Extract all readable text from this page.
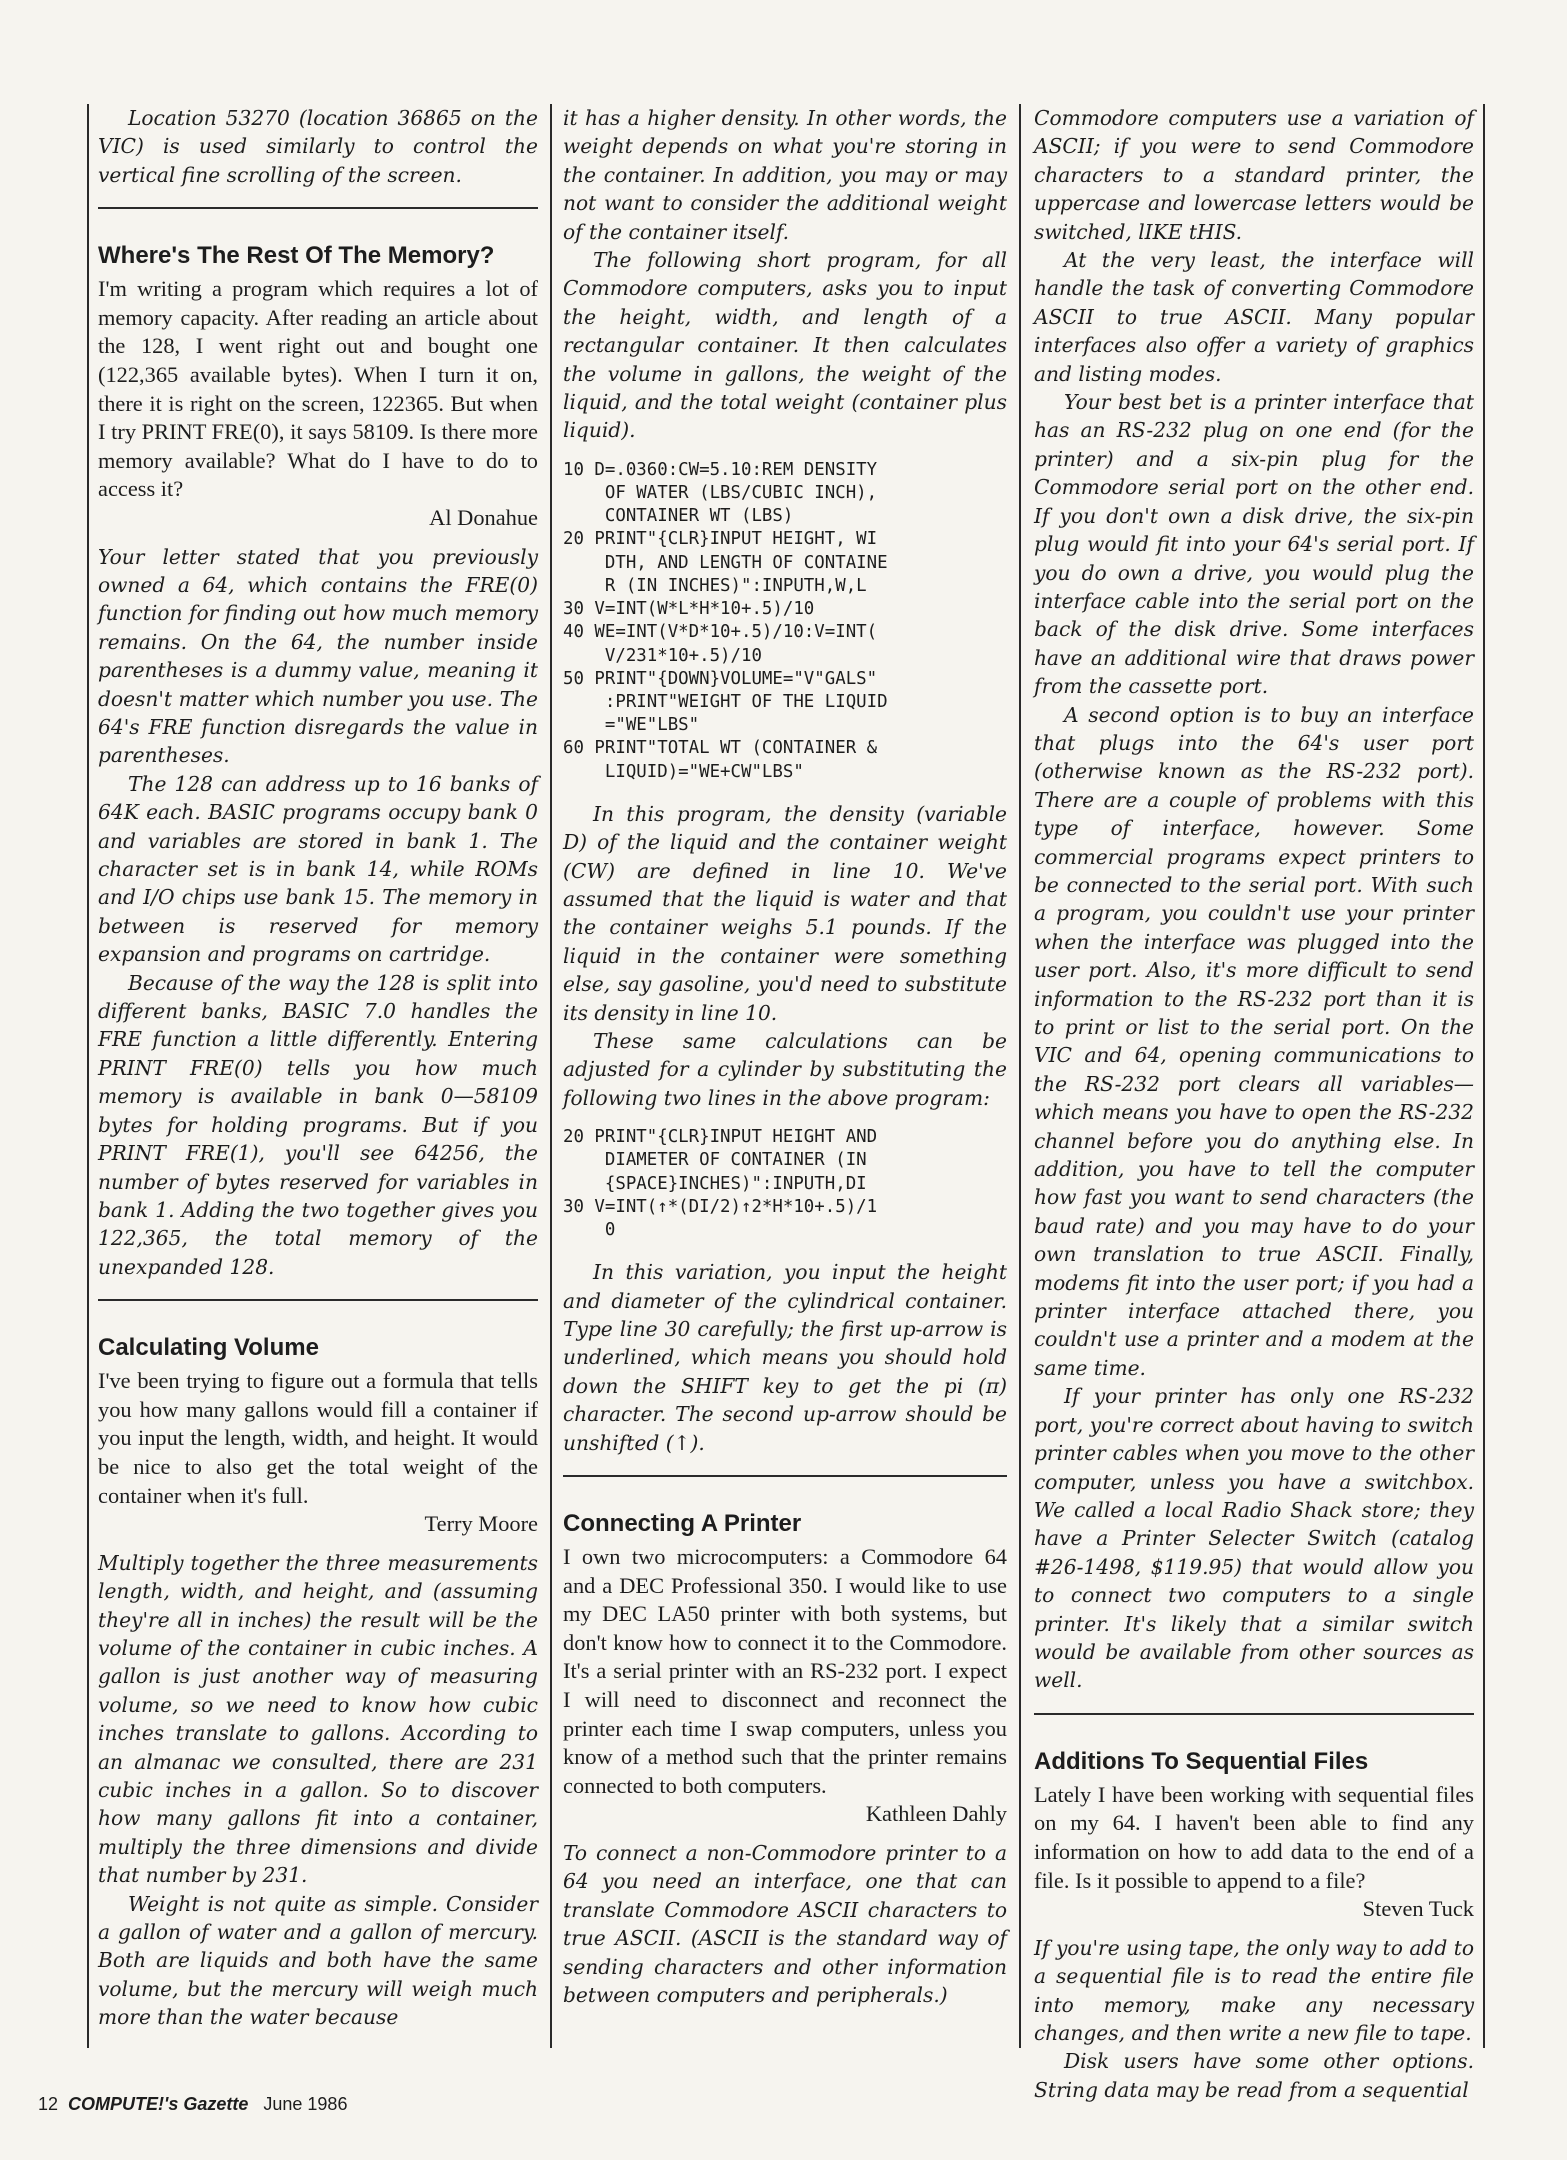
Location 53270 (location 36865 on the VIC) is used similarly to control the vertical fine scrolling of the screen.

Where's The Rest Of The Memory?

I'm writing a program which requires a lot of memory capacity. After reading an article about the 128, I went right out and bought one (122,365 available bytes). When I turn it on, there it is right on the screen, 122365. But when I try PRINT FRE(0), it says 58109. Is there more memory available? What do I have to do to access it?

Al Donahue

Your letter stated that you previously owned a 64, which contains the FRE(0) function for finding out how much memory remains. On the 64, the number inside parentheses is a dummy value, meaning it doesn't matter which number you use. The 64's FRE function disregards the value in parentheses.

The 128 can address up to 16 banks of 64K each. BASIC programs occupy bank 0 and variables are stored in bank 1. The character set is in bank 14, while ROMs and I/O chips use bank 15. The memory in between is reserved for memory expansion and programs on cartridge.

Because of the way the 128 is split into different banks, BASIC 7.0 handles the FRE function a little differently. Entering PRINT FRE(0) tells you how much memory is available in bank 0—58109 bytes for holding programs. But if you PRINT FRE(1), you'll see 64256, the number of bytes reserved for variables in bank 1. Adding the two together gives you 122,365, the total memory of the unexpanded 128.

Calculating Volume

I've been trying to figure out a formula that tells you how many gallons would fill a container if you input the length, width, and height. It would be nice to also get the total weight of the container when it's full.

Terry Moore

Multiply together the three measurements length, width, and height, and (assuming they're all in inches) the result will be the volume of the container in cubic inches. A gallon is just another way of measuring volume, so we need to know how cubic inches translate to gallons. According to an almanac we consulted, there are 231 cubic inches in a gallon. So to discover how many gallons fit into a container, multiply the three dimensions and divide that number by 231.

Weight is not quite as simple. Consider a gallon of water and a gallon of mercury. Both are liquids and both have the same volume, but the mercury will weigh much more than the water because

it has a higher density. In other words, the weight depends on what you're storing in the container. In addition, you may or may not want to consider the additional weight of the container itself.

The following short program, for all Commodore computers, asks you to input the height, width, and length of a rectangular container. It then calculates the volume in gallons, the weight of the liquid, and the total weight (container plus liquid).

10 D=.0360:CW=5.10:REM DENSITY
OF WATER (LBS/CUBIC INCH),
CONTAINER WT (LBS)
20 PRINT"{CLR}INPUT HEIGHT, WI
DTH, AND LENGTH OF CONTAINE
R (IN INCHES)":INPUTH,W,L
30 V=INT(W*L*H*10+.5)/10
40 WE=INT(V*D*10+.5)/10:V=INT(
V/231*10+.5)/10
50 PRINT"{DOWN}VOLUME="V"GALS"
:PRINT"WEIGHT OF THE LIQUID
="WE"LBS"
60 PRINT"TOTAL WT (CONTAINER &
LIQUID)="WE+CW"LBS"

In this program, the density (variable D) of the liquid and the container weight (CW) are defined in line 10. We've assumed that the liquid is water and that the container weighs 5.1 pounds. If the liquid in the container were something else, say gasoline, you'd need to substitute its density in line 10.

These same calculations can be adjusted for a cylinder by substituting the following two lines in the above program:

20 PRINT"{CLR}INPUT HEIGHT AND
DIAMETER OF CONTAINER (IN
{SPACE}INCHES)":INPUTH,DI
30 V=INT(↑*(DI/2)↑2*H*10+.5)/1
0

In this variation, you input the height and diameter of the cylindrical container. Type line 30 carefully; the first up-arrow is underlined, which means you should hold down the SHIFT key to get the pi (π) character. The second up-arrow should be unshifted (↑).

Connecting A Printer

I own two microcomputers: a Commodore 64 and a DEC Professional 350. I would like to use my DEC LA50 printer with both systems, but don't know how to connect it to the Commodore. It's a serial printer with an RS-232 port. I expect I will need to disconnect and reconnect the printer each time I swap computers, unless you know of a method such that the printer remains connected to both computers.

Kathleen Dahly

To connect a non-Commodore printer to a 64 you need an interface, one that can translate Commodore ASCII characters to true ASCII. (ASCII is the standard way of sending characters and other information between computers and peripherals.)

Commodore computers use a variation of ASCII; if you were to send Commodore characters to a standard printer, the uppercase and lowercase letters would be switched, lIKE tHIS.

At the very least, the interface will handle the task of converting Commodore ASCII to true ASCII. Many popular interfaces also offer a variety of graphics and listing modes.

Your best bet is a printer interface that has an RS-232 plug on one end (for the printer) and a six-pin plug for the Commodore serial port on the other end. If you don't own a disk drive, the six-pin plug would fit into your 64's serial port. If you do own a drive, you would plug the interface cable into the serial port on the back of the disk drive. Some interfaces have an additional wire that draws power from the cassette port.

A second option is to buy an interface that plugs into the 64's user port (otherwise known as the RS-232 port). There are a couple of problems with this type of interface, however. Some commercial programs expect printers to be connected to the serial port. With such a program, you couldn't use your printer when the interface was plugged into the user port. Also, it's more difficult to send information to the RS-232 port than it is to print or list to the serial port. On the VIC and 64, opening communications to the RS-232 port clears all variables—which means you have to open the RS-232 channel before you do anything else. In addition, you have to tell the computer how fast you want to send characters (the baud rate) and you may have to do your own translation to true ASCII. Finally, modems fit into the user port; if you had a printer interface attached there, you couldn't use a printer and a modem at the same time.

If your printer has only one RS-232 port, you're correct about having to switch printer cables when you move to the other computer, unless you have a switchbox. We called a local Radio Shack store; they have a Printer Selecter Switch (catalog #26-1498, $119.95) that would allow you to connect two computers to a single printer. It's likely that a similar switch would be available from other sources as well.

Additions To Sequential Files

Lately I have been working with sequential files on my 64. I haven't been able to find any information on how to add data to the end of a file. Is it possible to append to a file?

Steven Tuck

If you're using tape, the only way to add to a sequential file is to read the entire file into memory, make any necessary changes, and then write a new file to tape.

Disk users have some other options. String data may be read from a sequential

12 COMPUTE!'s Gazette June 1986
